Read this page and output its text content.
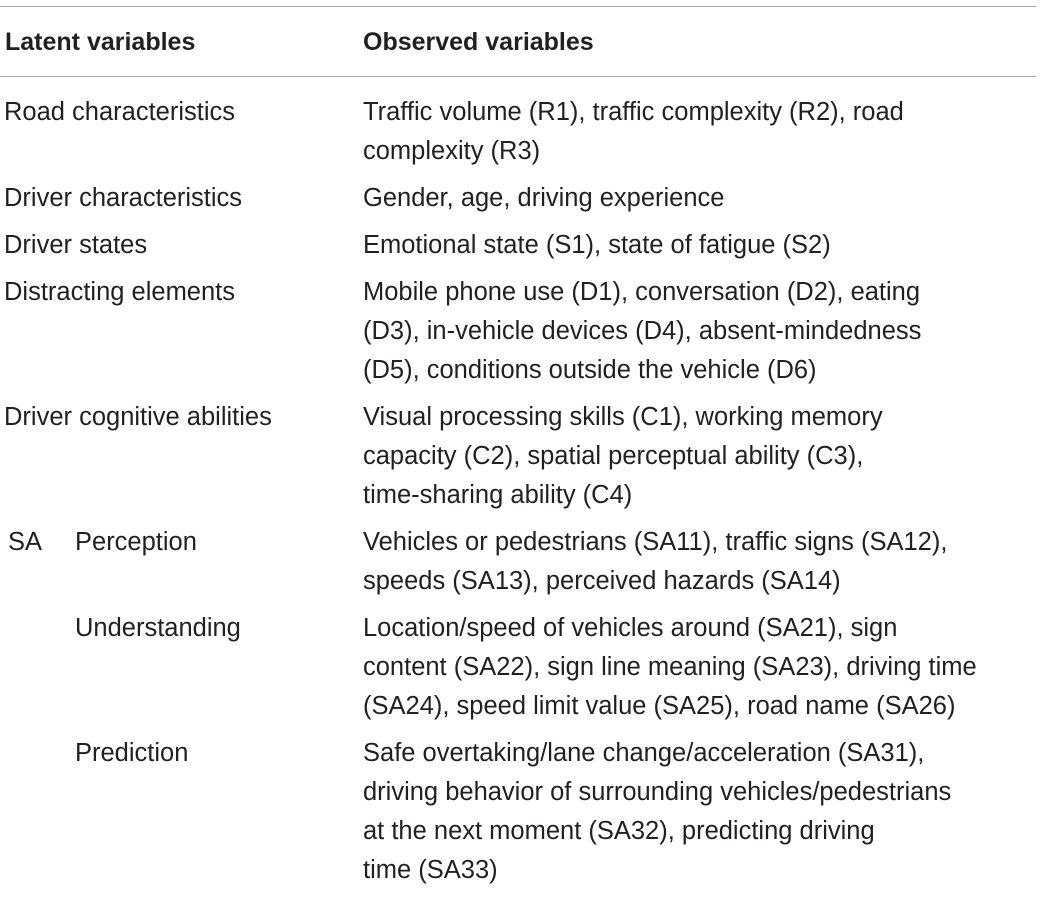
Latent variables	Observed variables
Road characteristics	Traffic volume (R1), traffic complexity (R2), road
complexity (R3)
Driver characteristics	Gender, age, driving experience
Driver states	Emotional state (S1), state of fatigue (S2)
Distracting elements	Mobile phone use (D1), conversation (D2), eating
(D3), in-vehicle devices (D4), absent-mindedness
(D5), conditions outside the vehicle (D6)
Driver cognitive abilities	Visual processing skills (C1), working memory
capacity (C2), spatial perceptual ability (C3),
time-sharing ability (C4)
SA Perception	Vehicles or pedestrians (SA11), traffic signs (SA12),
speeds (SA13), perceived hazards (SA14)
Understanding	Location/speed of vehicles around (SA21), sign
content (SA22), sign line meaning (SA23), driving time
(SA24), speed limit value (SA25), road name (SA26)
Prediction	Safe overtaking/lane change/acceleration (SA31),
driving behavior of surrounding vehicles/pedestrians
at the next moment (SA32), predicting driving
time (SA33)
